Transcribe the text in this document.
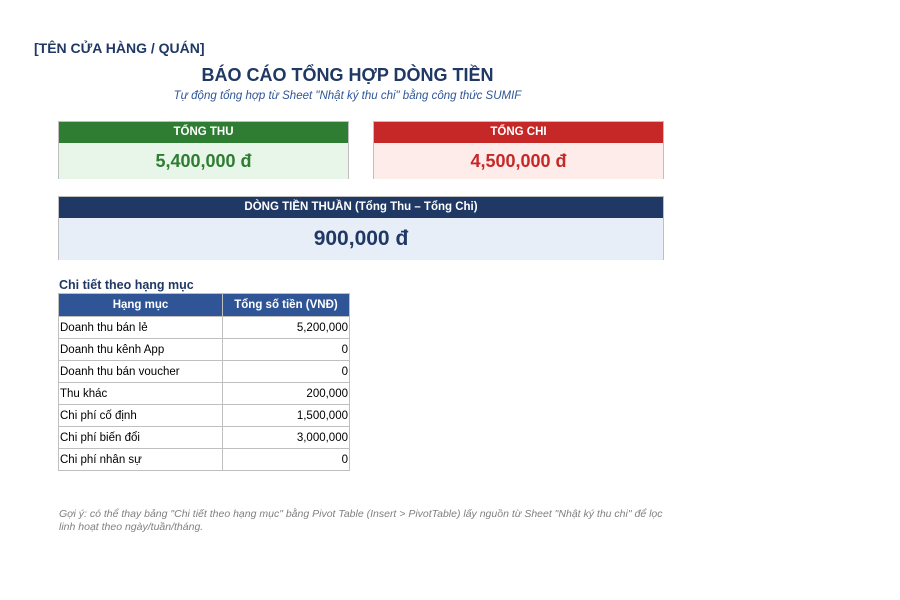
[TÊN CỬA HÀNG / QUÁN]
BÁO CÁO TỔNG HỢP DÒNG TIỀN
Tự động tổng hợp từ Sheet "Nhật ký thu chi" bằng công thức SUMIF
TỔNG THU
5,400,000 đ
TỔNG CHI
4,500,000 đ
DÒNG TIỀN THUẦN (Tổng Thu – Tổng Chi)
900,000 đ
Chi tiết theo hạng mục
Hạng mục	Tổng số tiền (VNĐ)
Doanh thu bán lẻ	5,200,000
Doanh thu kênh App	0
Doanh thu bán voucher	0
Thu khác	200,000
Chi phí cố định	1,500,000
Chi phí biến đổi	3,000,000
Chi phí nhân sự	0
Gợi ý: có thể thay bảng "Chi tiết theo hạng mục" bằng Pivot Table (Insert > PivotTable) lấy nguồn từ Sheet "Nhật ký thu chi" để lọc linh hoạt theo ngày/tuần/tháng.
